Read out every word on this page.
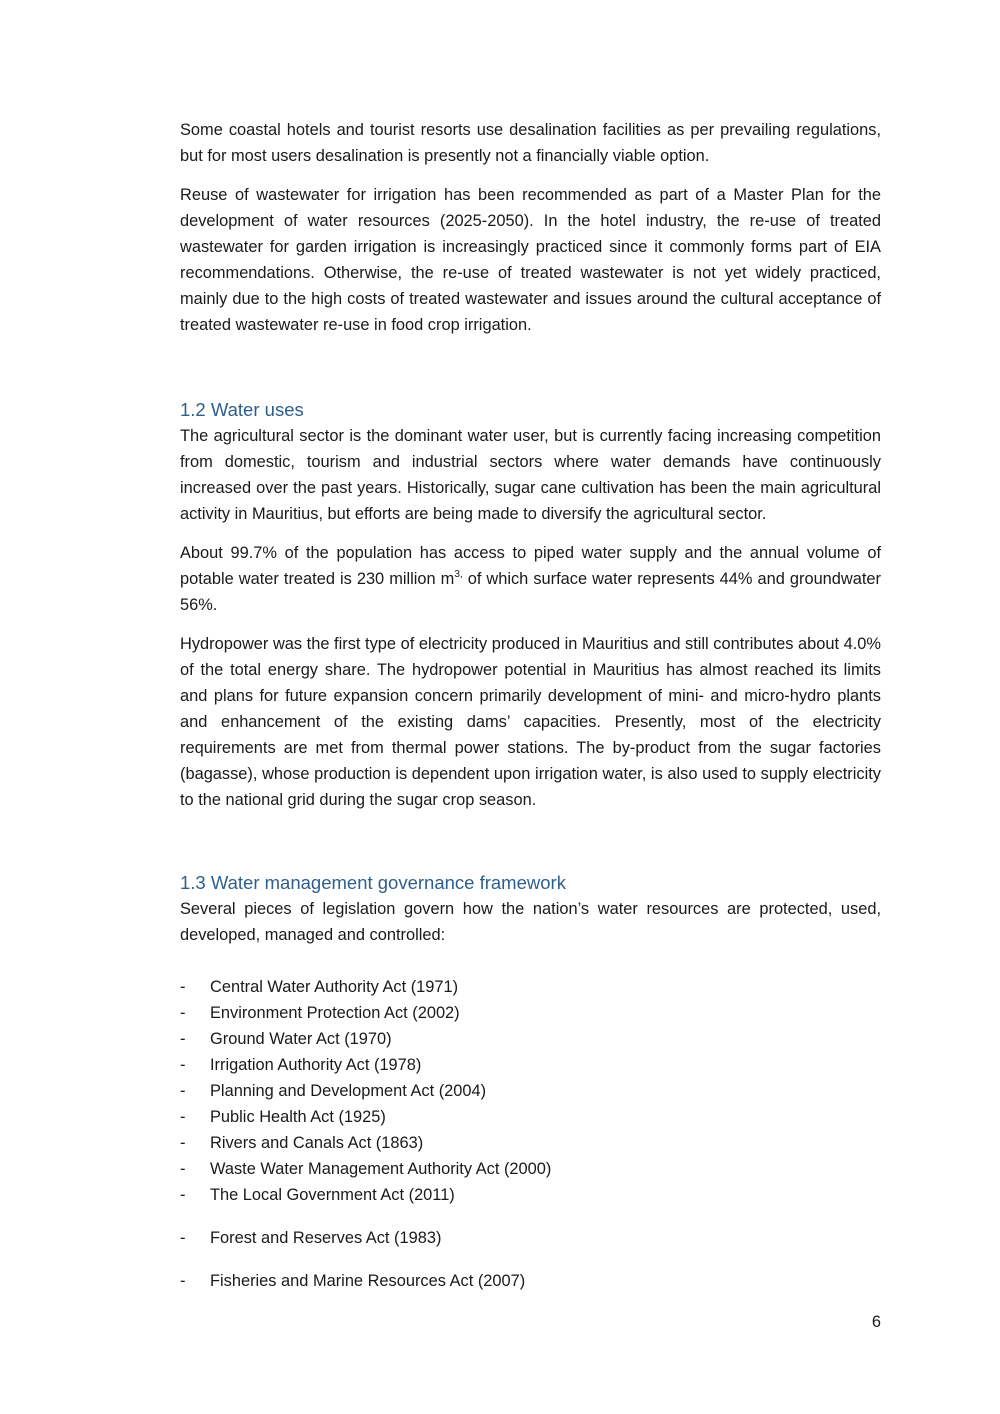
Some coastal hotels and tourist resorts use desalination facilities as per prevailing regulations, but for most users desalination is presently not a financially viable option.

Reuse of wastewater for irrigation has been recommended as part of a Master Plan for the development of water resources (2025-2050). In the hotel industry, the re-use of treated wastewater for garden irrigation is increasingly practiced since it commonly forms part of EIA recommendations. Otherwise, the re-use of treated wastewater is not yet widely practiced, mainly due to the high costs of treated wastewater and issues around the cultural acceptance of treated wastewater re-use in food crop irrigation.

1.2 Water uses

The agricultural sector is the dominant water user, but is currently facing increasing competition from domestic, tourism and industrial sectors where water demands have continuously increased over the past years. Historically, sugar cane cultivation has been the main agricultural activity in Mauritius, but efforts are being made to diversify the agricultural sector.

About 99.7% of the population has access to piped water supply and the annual volume of potable water treated is 230 million $m^{3,}$ of which surface water represents 44% and groundwater 56%.

Hydropower was the first type of electricity produced in Mauritius and still contributes about 4.0% of the total energy share. The hydropower potential in Mauritius has almost reached its limits and plans for future expansion concern primarily development of mini- and micro-hydro plants and enhancement of the existing dams’ capacities. Presently, most of the electricity requirements are met from thermal power stations. The by-product from the sugar factories (bagasse), whose production is dependent upon irrigation water, is also used to supply electricity to the national grid during the sugar crop season.

1.3 Water management governance framework

Several pieces of legislation govern how the nation’s water resources are protected, used, developed, managed and controlled:

- Central Water Authority Act (1971)
- Environment Protection Act (2002)
- Ground Water Act (1970)
- Irrigation Authority Act (1978)
- Planning and Development Act (2004)
- Public Health Act (1925)
- Rivers and Canals Act (1863)
- Waste Water Management Authority Act (2000)
- The Local Government Act (2011)
- Forest and Reserves Act (1983)
- Fisheries and Marine Resources Act (2007)
6
